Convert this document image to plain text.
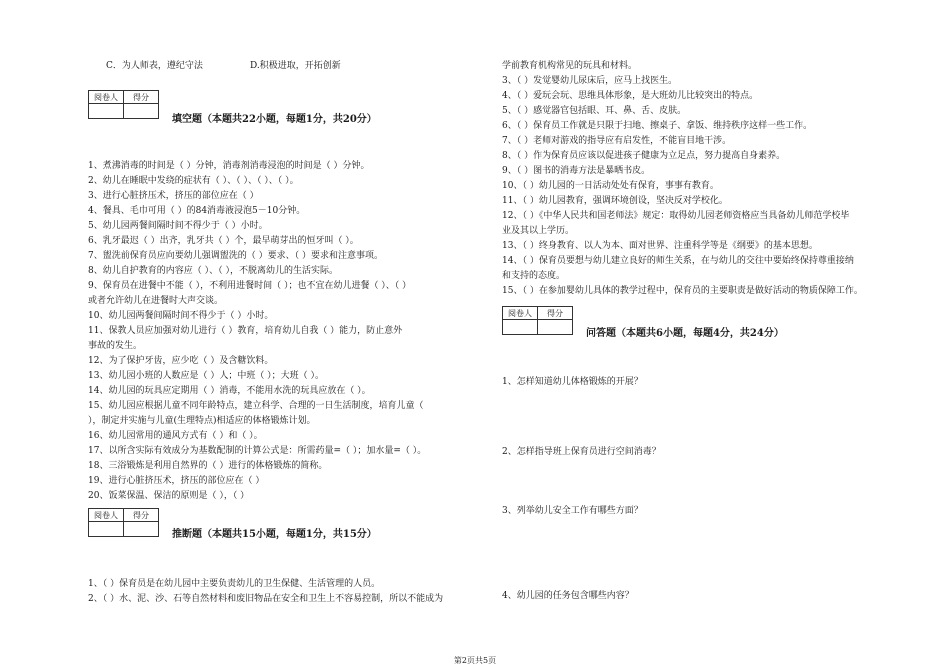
C．为人师表，遵纪守法	D.积极进取，开拓创新
阅卷人	得分

填空题（本题共22小题，每题1分，共20分）
1、煮沸消毒的时间是（ ）分钟，消毒剂消毒浸泡的时间是（ ）分钟。
2、幼儿在睡眠中发绕的症状有（ ）、（ ）、（ ）、（ ）。
3、进行心脏挤压术，挤压的部位应在（ ）
4、餐具、毛巾可用（ ）的84消毒液浸泡5－10分钟。
5、幼儿园两餐间隔时间不得少于（ ）小时。
6、乳牙最迟（ ）出齐，乳牙共（ ）个，最早萌芽出的恒牙叫（ ）。
7、盥洗前保育员应向要幼儿强调盥洗的（ ）要求、（ ）要求和注意事项。
8、幼儿自护教育的内容应（ ）、（ ），不脱离幼儿的生活实际。
9、保育员在进餐中不能（ ），不利用进餐时间（ ）；也不宜在幼儿进餐（ ）、（ ）
或者允许幼儿在进餐时大声交谈。
10、幼儿园两餐间隔时间不得少于（ ）小时。
11、保教人员应加强对幼儿进行（ ）教育，培育幼儿自我（ ）能力，防止意外
事故的发生。
12、为了保护牙齿，应少吃（ ）及含糖饮料。
13、幼儿园小班的人数应是（ ）人；中班（ ）；大班（ ）。
14、幼儿园的玩具应定期用（ ）消毒，不能用水洗的玩具应放在（ ）。
15、幼儿园应根据儿童不同年龄特点，建立科学、合理的一日生活制度，培育儿童（
），制定并实施与儿童(生理特点)相适应的体格锻炼计划。
16、幼儿园常用的通风方式有（ ）和（ ）。
17、以所含实际有效成分为基数配制的计算公式是：所需药量=（ ）；加水量=（ ）。
18、三浴锻炼是利用自然界的（ ）进行的体格锻炼的简称。
19、进行心脏挤压术，挤压的部位应在（ ）
20、饭菜保温、保洁的原则是（ ），（ ）
阅卷人	得分

推断题（本题共15小题，每题1分，共15分）
1、（ ）保育员是在幼儿园中主要负责幼儿的卫生保健、生活管理的人员。
2、（ ）水、泥、沙、石等自然材料和废旧物品在安全和卫生上不容易控制，所以不能成为
学前教育机构常见的玩具和材料。
3、（ ）发觉婴幼儿尿床后，应马上找医生。
4、（ ）爱玩会玩、思维具体形象，是大班幼儿比较突出的特点。
5、（ ）感觉器官包括眼、耳、鼻、舌、皮肤。
6、（ ）保育员工作就是只限于扫地、擦桌子、拿饭、维持秩序这样一些工作。
7、（ ）老师对游戏的指导应有启发性，不能盲目地干涉。
8、（ ）作为保育员应该以促进孩子健康为立足点，努力提高自身素养。
9、（ ）图书的消毒方法是暴晒书皮。
10、（ ）幼儿园的一日活动处处有保育，事事有教育。
11、（ ）幼儿园教育，强调环境创设，坚决反对学校化。
12、（ ）《中华人民共和国老师法》规定：取得幼儿园老师资格应当具备幼儿师范学校毕
业及其以上学历。
13、（ ）终身教育、以人为本、面对世界、注重科学等是《纲要》的基本思想。
14、（ ）保育员要想与幼儿建立良好的师生关系，在与幼儿的交往中要始终保持尊重接纳
和支持的态度。
15、（ ）在参加婴幼儿具体的教学过程中，保育员的主要职责是做好活动的物质保障工作。
阅卷人	得分

问答题（本题共6小题，每题4分，共24分）
1、怎样知道幼儿体格锻炼的开展？
2、怎样指导班上保育员进行空间消毒？
3、列举幼儿安全工作有哪些方面？
4、幼儿园的任务包含哪些内容？
第2页共5页
